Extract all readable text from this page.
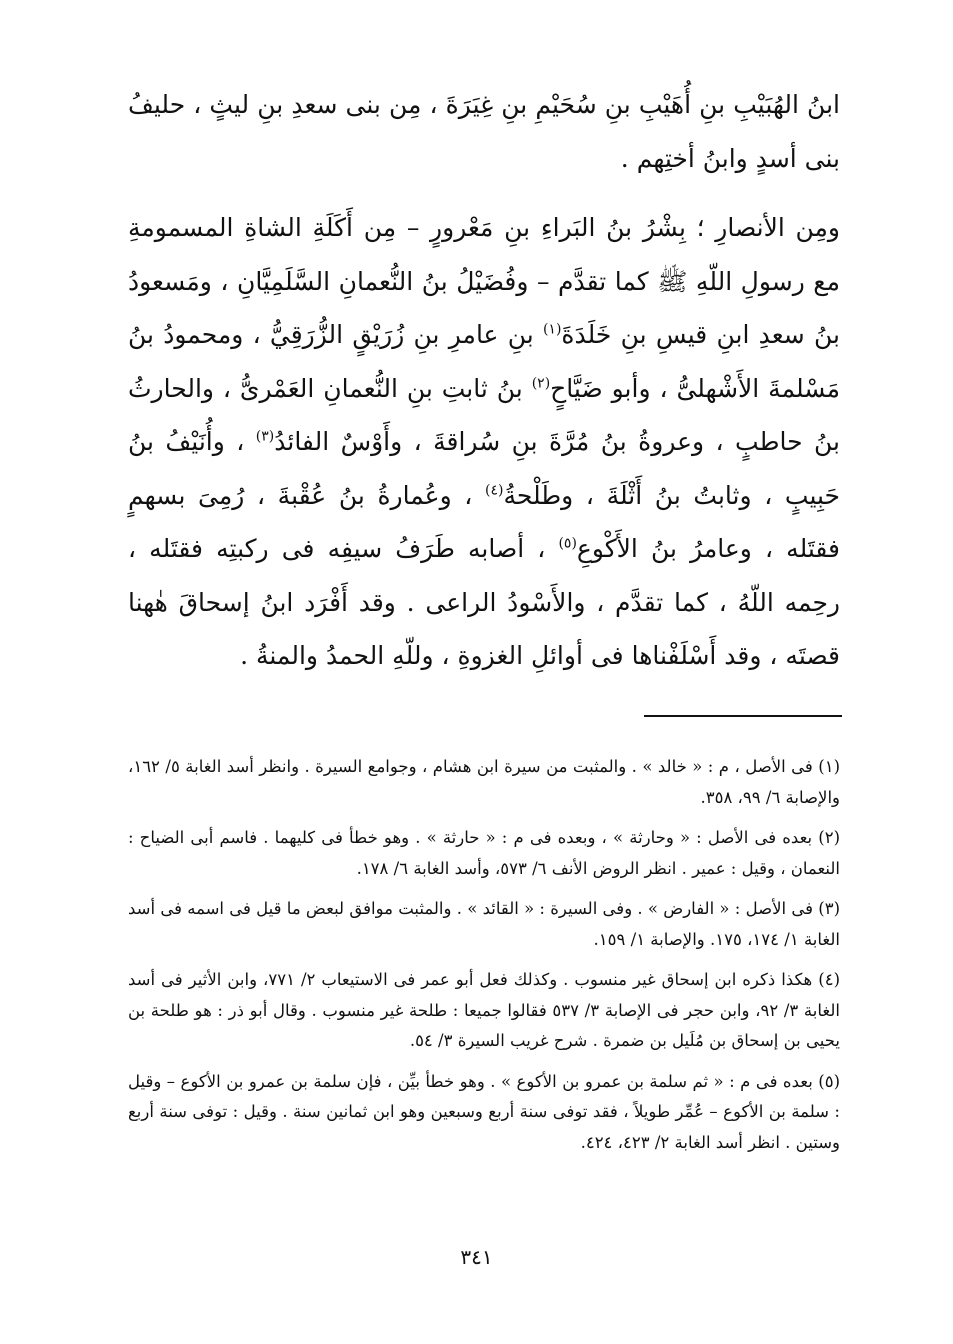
ابنُ الهُبَيْبِ بنِ أُهَيْبِ بنِ سُحَيْمِ بنِ غِيَرَةَ ، مِن بنى سعدِ بنِ ليثٍ ، حليفُ بنى أسدٍ وابنُ أختِهم .

ومِن الأنصارِ ؛ بِشْرُ بنُ البَراءِ بنِ مَعْرورٍ – مِن أَكَلَةِ الشاةِ المسمومةِ مع رسولِ اللّهِ ﷺ كما تقدَّم – وفُضَيْلُ بنُ النُّعمانِ السَّلَمِيَّانِ ، ومَسعودُ بنُ سعدِ ابنِ قيسِ بنِ خَلَدَةَ$^{(١)}$ بنِ عامرِ بنِ زُرَيْقٍ الزُّرَقِيُّ ، ومحمودُ بنُ مَسْلمةَ الأَشْهلىُّ ، وأبو ضَيَّاحٍ$^{(٢)}$ بنُ ثابتِ بنِ النُّعمانِ العَمْرىُّ ، والحارثُ بنُ حاطبٍ ، وعروةُ بنُ مُرَّةَ بنِ سُراقةَ ، وأَوْسٌ الفائدُ$^{(٣)}$ ، وأُنَيْفُ بنُ حَبِيبٍ ، وثابتُ بنُ أَثْلَةَ ، وطَلْحةُ$^{(٤)}$ ، وعُمارةُ بنُ عُقْبةَ ، رُمِىَ بسهمٍ فقتَله ، وعامرُ بنُ الأَكْوعِ$^{(٥)}$ ، أصابه طَرَفُ سيفِه فى ركبتِه فقتَله ، رحِمه اللّهُ ، كما تقدَّم ، والأَسْودُ الراعى . وقد أَفْرَد ابنُ إسحاقَ هٰهنا قصتَه ، وقد أَسْلَفْناها فى أوائلِ الغزوةِ ، وللّهِ الحمدُ والمنةُ .

(١) فى الأصل ، م : « خالد » . والمثبت من سيرة ابن هشام ، وجوامع السيرة . وانظر أسد الغابة ٥/ ١٦٢، والإصابة ٦/ ٩٩، ٣٥٨.

(٢) بعده فى الأصل : « وحارثة » ، وبعده فى م : « حارثة » . وهو خطأ فى كليهما . فاسم أبى الضياح : النعمان ، وقيل : عمير . انظر الروض الأنف ٦/ ٥٧٣، وأسد الغابة ٦/ ١٧٨.

(٣) فى الأصل : « الفارض » . وفى السيرة : « القائد » . والمثبت موافق لبعض ما قيل فى اسمه فى أسد الغابة ١/ ١٧٤، ١٧٥. والإصابة ١/ ١٥٩.

(٤) هكذا ذكره ابن إسحاق غير منسوب . وكذلك فعل أبو عمر فى الاستيعاب ٢/ ٧٧١، وابن الأثير فى أسد الغابة ٣/ ٩٢، وابن حجر فى الإصابة ٣/ ٥٣٧ فقالوا جميعا : طلحة غير منسوب . وقال أبو ذر : هو طلحة بن يحيى بن إسحاق بن مُلَيل بن ضمرة . شرح غريب السيرة ٣/ ٥٤.

(٥) بعده فى م : « ثم سلمة بن عمرو بن الأكوع » . وهو خطأ بيِّن ، فإن سلمة بن عمرو بن الأكوع – وقيل : سلمة بن الأكوع – عُمِّر طويلاً ، فقد توفى سنة أربع وسبعين وهو ابن ثمانين سنة . وقيل : توفى سنة أربع وستين . انظر أسد الغابة ٢/ ٤٢٣، ٤٢٤.

٣٤١
